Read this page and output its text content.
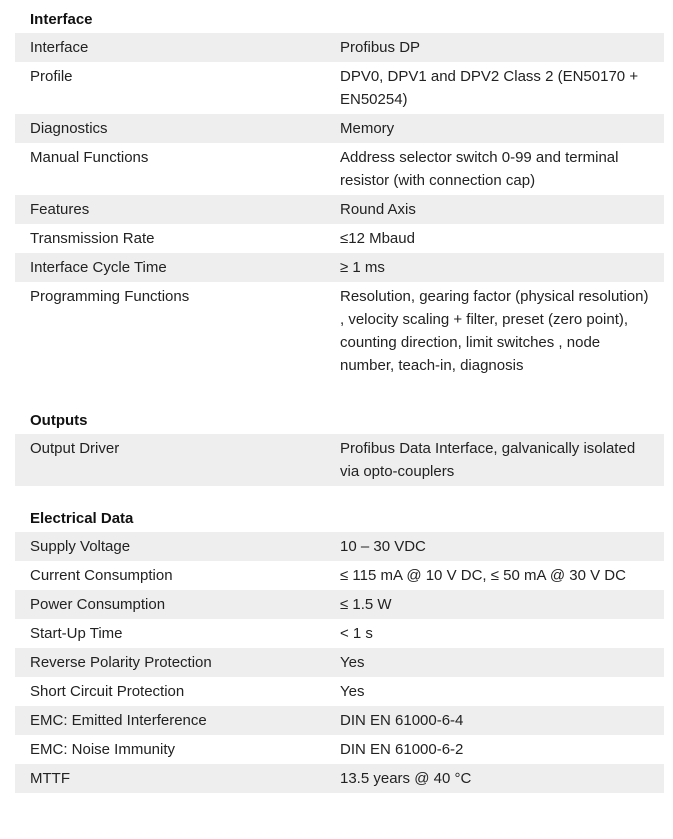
Interface
Interface	Profibus DP
Profile	DPV0, DPV1 and DPV2 Class 2 (EN50170 + EN50254)
Diagnostics	Memory
Manual Functions	Address selector switch 0-99 and terminal resistor (with connection cap)
Features	Round Axis
Transmission Rate	≤12 Mbaud
Interface Cycle Time	≥ 1 ms
Programming Functions	Resolution, gearing factor (physical resolution) , velocity scaling + filter, preset (zero point), counting direction, limit switches , node number, teach-in, diagnosis
Outputs
Output Driver	Profibus Data Interface, galvanically isolated via opto-couplers
Electrical Data
Supply Voltage	10 – 30 VDC
Current Consumption	≤ 115 mA @ 10 V DC, ≤ 50 mA @ 30 V DC
Power Consumption	≤ 1.5 W
Start-Up Time	< 1 s
Reverse Polarity Protection	Yes
Short Circuit Protection	Yes
EMC: Emitted Interference	DIN EN 61000-6-4
EMC: Noise Immunity	DIN EN 61000-6-2
MTTF	13.5 years @ 40 °C
